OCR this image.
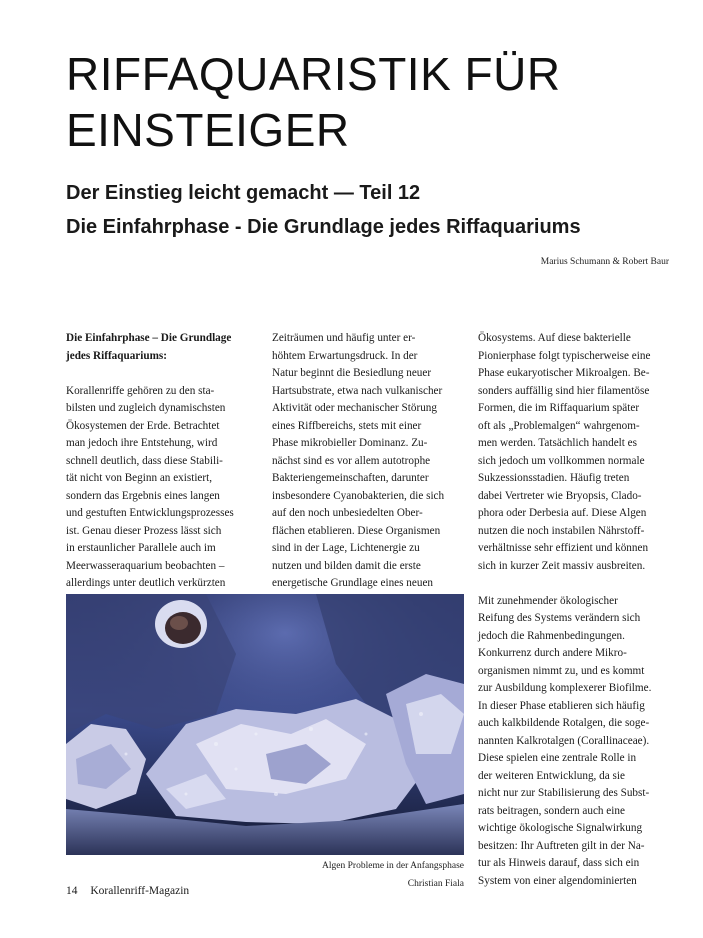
RIFFAQUARISTIK FÜR
EINSTEIGER
Der Einstieg leicht gemacht — Teil 12
Die Einfahrphase - Die Grundlage jedes Riffaquariums
Marius Schumann & Robert Baur
Die Einfahrphase – Die Grundlage
jedes Riffaquariums:
Korallenriffe gehören zu den sta-
bilsten und zugleich dynamischsten
Ökosystemen der Erde. Betrachtet
man jedoch ihre Entstehung, wird
schnell deutlich, dass diese Stabili-
tät nicht von Beginn an existiert,
sondern das Ergebnis eines langen
und gestuften Entwicklungsprozesses
ist. Genau dieser Prozess lässt sich
in erstaunlicher Parallele auch im
Meerwasseraquarium beobachten –
allerdings unter deutlich verkürzten
Zeiträumen und häufig unter er-
höhtem Erwartungsdruck. In der
Natur beginnt die Besiedlung neuer
Hartsubstrate, etwa nach vulkanischer
Aktivität oder mechanischer Störung
eines Riffbereichs, stets mit einer
Phase mikrobieller Dominanz. Zu-
nächst sind es vor allem autotrophe
Bakteriengemeinschaften, darunter
insbesondere Cyanobakterien, die sich
auf den noch unbesiedelten Ober-
flächen etablieren. Diese Organismen
sind in der Lage, Lichtenergie zu
nutzen und bilden damit die erste
energetische Grundlage eines neuen
Ökosystems. Auf diese bakterielle
Pionierphase folgt typischerweise eine
Phase eukaryotischer Mikroalgen. Be-
sonders auffällig sind hier filamentöse
Formen, die im Riffaquarium später
oft als „Problemalgen“ wahrgenom-
men werden. Tatsächlich handelt es
sich jedoch um vollkommen normale
Sukzessionsstadien. Häufig treten
dabei Vertreter wie Bryopsis, Clado-
phora oder Derbesia auf. Diese Algen
nutzen die noch instabilen Nährstoff-
verhältnisse sehr effizient und können
sich in kurzer Zeit massiv ausbreiten.
Mit zunehmender ökologischer
Reifung des Systems verändern sich
jedoch die Rahmenbedingungen.
Konkurrenz durch andere Mikro-
organismen nimmt zu, und es kommt
zur Ausbildung komplexerer Biofilme.
In dieser Phase etablieren sich häufig
auch kalkbildende Rotalgen, die soge-
nannten Kalkrotalgen (Corallinaceae).
Diese spielen eine zentrale Rolle in
der weiteren Entwicklung, da sie
nicht nur zur Stabilisierung des Subst-
rats beitragen, sondern auch eine
wichtige ökologische Signalwirkung
besitzen: Ihr Auftreten gilt in der Na-
tur als Hinweis darauf, dass sich ein
System von einer algendominierten
Algen Probleme in der Anfangsphase
Christian Fiala
14 Korallenriff-Magazin
